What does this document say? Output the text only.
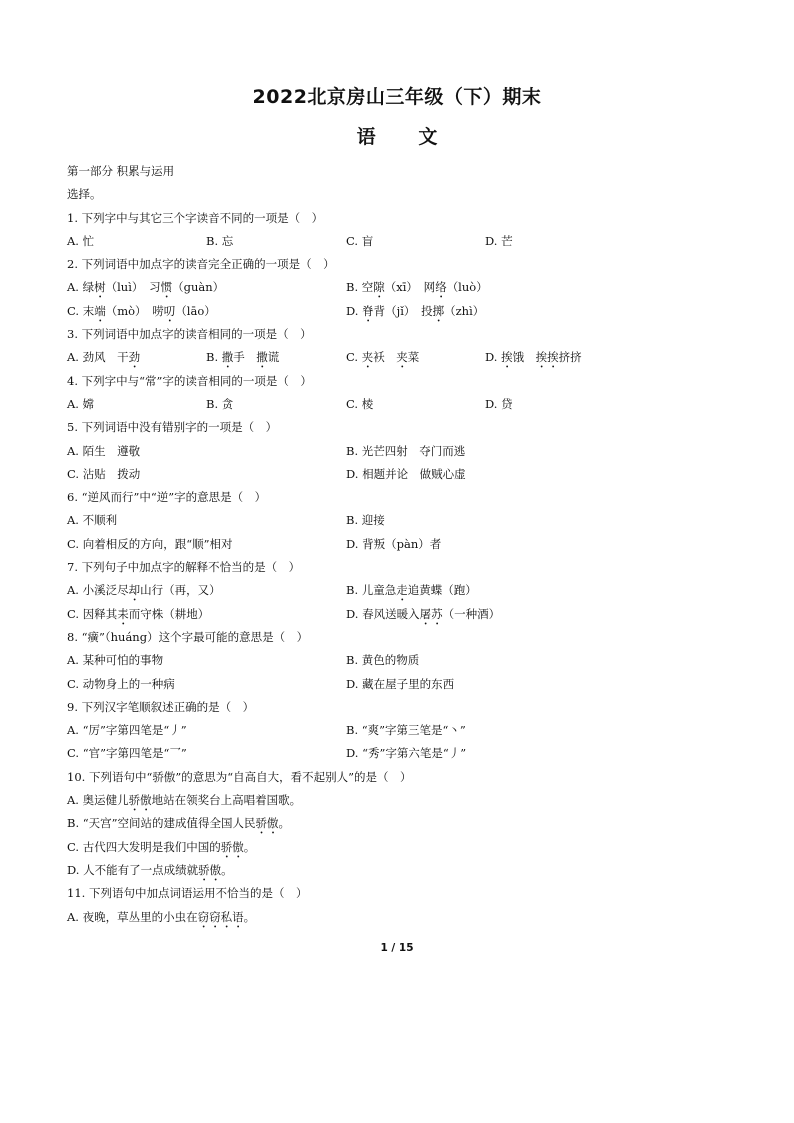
2022北京房山三年级（下）期末
语 文
第一部分 积累与运用
选择。
1. 下列字中与其它三个字读音不同的一项是（　）
A. 忙	B. 忘	C. 盲	D. 芒
2. 下列词语中加点字的读音完全正确的一项是（　）
A. 绿树（luì）　习惯（guàn）	B. 空隙（xī）　网络（luò）
C. 末端（mò）　唠叨（lāo）	D. 脊背（jǐ）　投掷（zhì）
3. 下列词语中加点字的读音相同的一项是（　）
A. 劲风　干劲	B. 撒手　撒谎	C. 夹袄　夹菜	D. 挨饿　挨挨挤挤
4. 下列字中与“常”字的读音相同的一项是（　）
A. 嫦	B. 贪	C. 棱	D. 贷
5. 下列词语中没有错别字的一项是（　）
A. 陌生　遵敬	B. 光芒四射　夺门而逃
C. 沾贴　拨动	D. 相题并论　做贼心虚
6. “逆风而行”中“逆”字的意思是（　）
A. 不顺利	B. 迎接
C. 向着相反的方向，跟“顺”相对	D. 背叛（pàn）者
7. 下列句子中加点字的解释不恰当的是（　）
A. 小溪泛尽却山行（再，又）	B. 儿童急走追黄蝶（跑）
C. 因释其耒而守株（耕地）	D. 春风送暖入屠苏（一种酒）
8. “癀”（huáng）这个字最可能的意思是（　）
A. 某种可怕的事物	B. 黄色的物质
C. 动物身上的一种病	D. 藏在屋子里的东西
9. 下列汉字笔顺叙述正确的是（　）
A. “厉”字第四笔是“丿”	B. “爽”字第三笔是“丶”
C. “官”字第四笔是“乛”	D. “秀”字第六笔是“丿”
10. 下列语句中“骄傲”的意思为“自高自大，看不起别人”的是（　）
A. 奥运健儿骄傲地站在领奖台上高唱着国歌。
B. “天宫”空间站的建成值得全国人民骄傲。
C. 古代四大发明是我们中国的骄傲。
D. 人不能有了一点成绩就骄傲。
11. 下列语句中加点词语运用不恰当的是（　）
A. 夜晚，草丛里的小虫在窃窃私语。
1 / 15
